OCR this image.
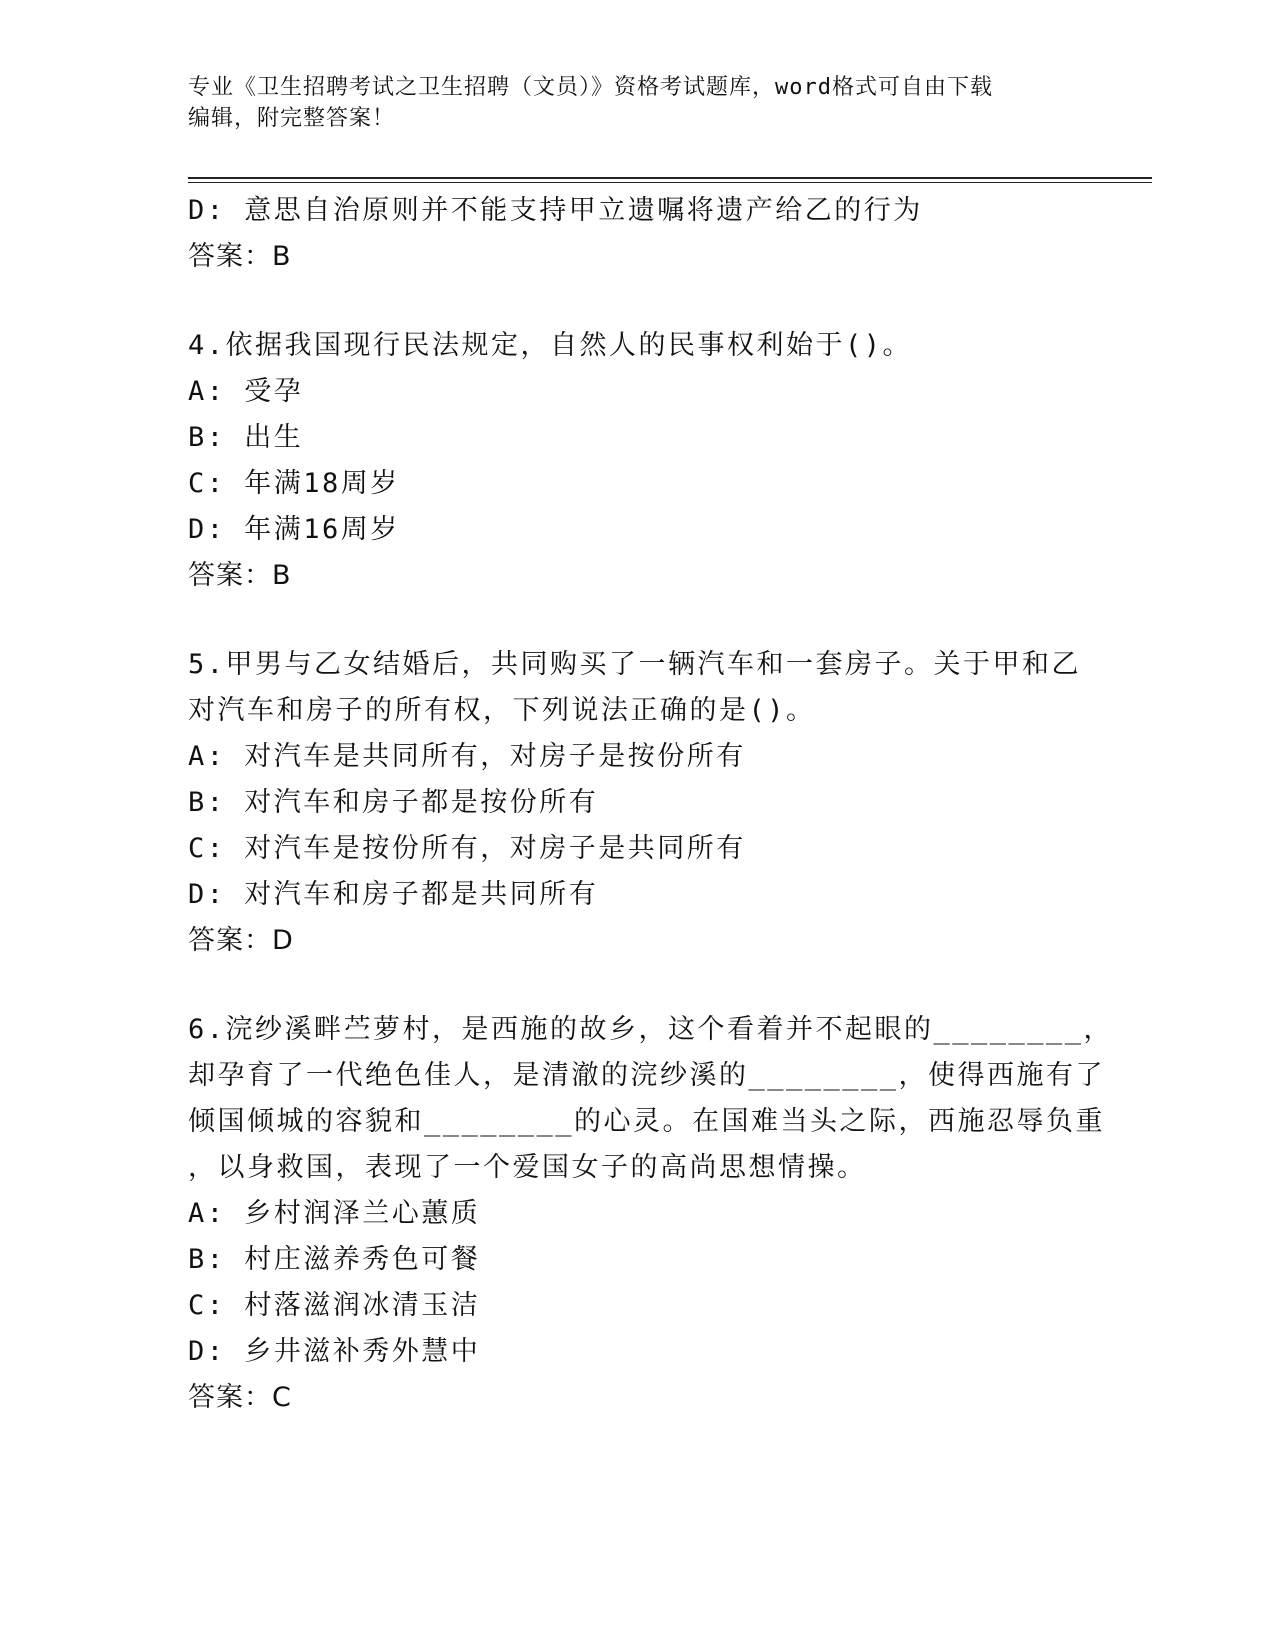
专业《卫生招聘考试之卫生招聘（文员）》资格考试题库，word格式可自由下载
编辑，附完整答案！
D: 意思自治原则并不能支持甲立遗嘱将遗产给乙的行为
答案：B
4.依据我国现行民法规定，自然人的民事权利始于()。
A: 受孕
B: 出生
C: 年满18周岁
D: 年满16周岁
答案：B
5.甲男与乙女结婚后，共同购买了一辆汽车和一套房子。关于甲和乙
对汽车和房子的所有权，下列说法正确的是()。
A: 对汽车是共同所有，对房子是按份所有
B: 对汽车和房子都是按份所有
C: 对汽车是按份所有，对房子是共同所有
D: 对汽车和房子都是共同所有
答案：D
6.浣纱溪畔苎萝村，是西施的故乡，这个看着并不起眼的________，
却孕育了一代绝色佳人，是清澈的浣纱溪的________，使得西施有了
倾国倾城的容貌和________的心灵。在国难当头之际，西施忍辱负重
，以身救国，表现了一个爱国女子的高尚思想情操。
A: 乡村润泽兰心蕙质
B: 村庄滋养秀色可餐
C: 村落滋润冰清玉洁
D: 乡井滋补秀外慧中
答案：C
